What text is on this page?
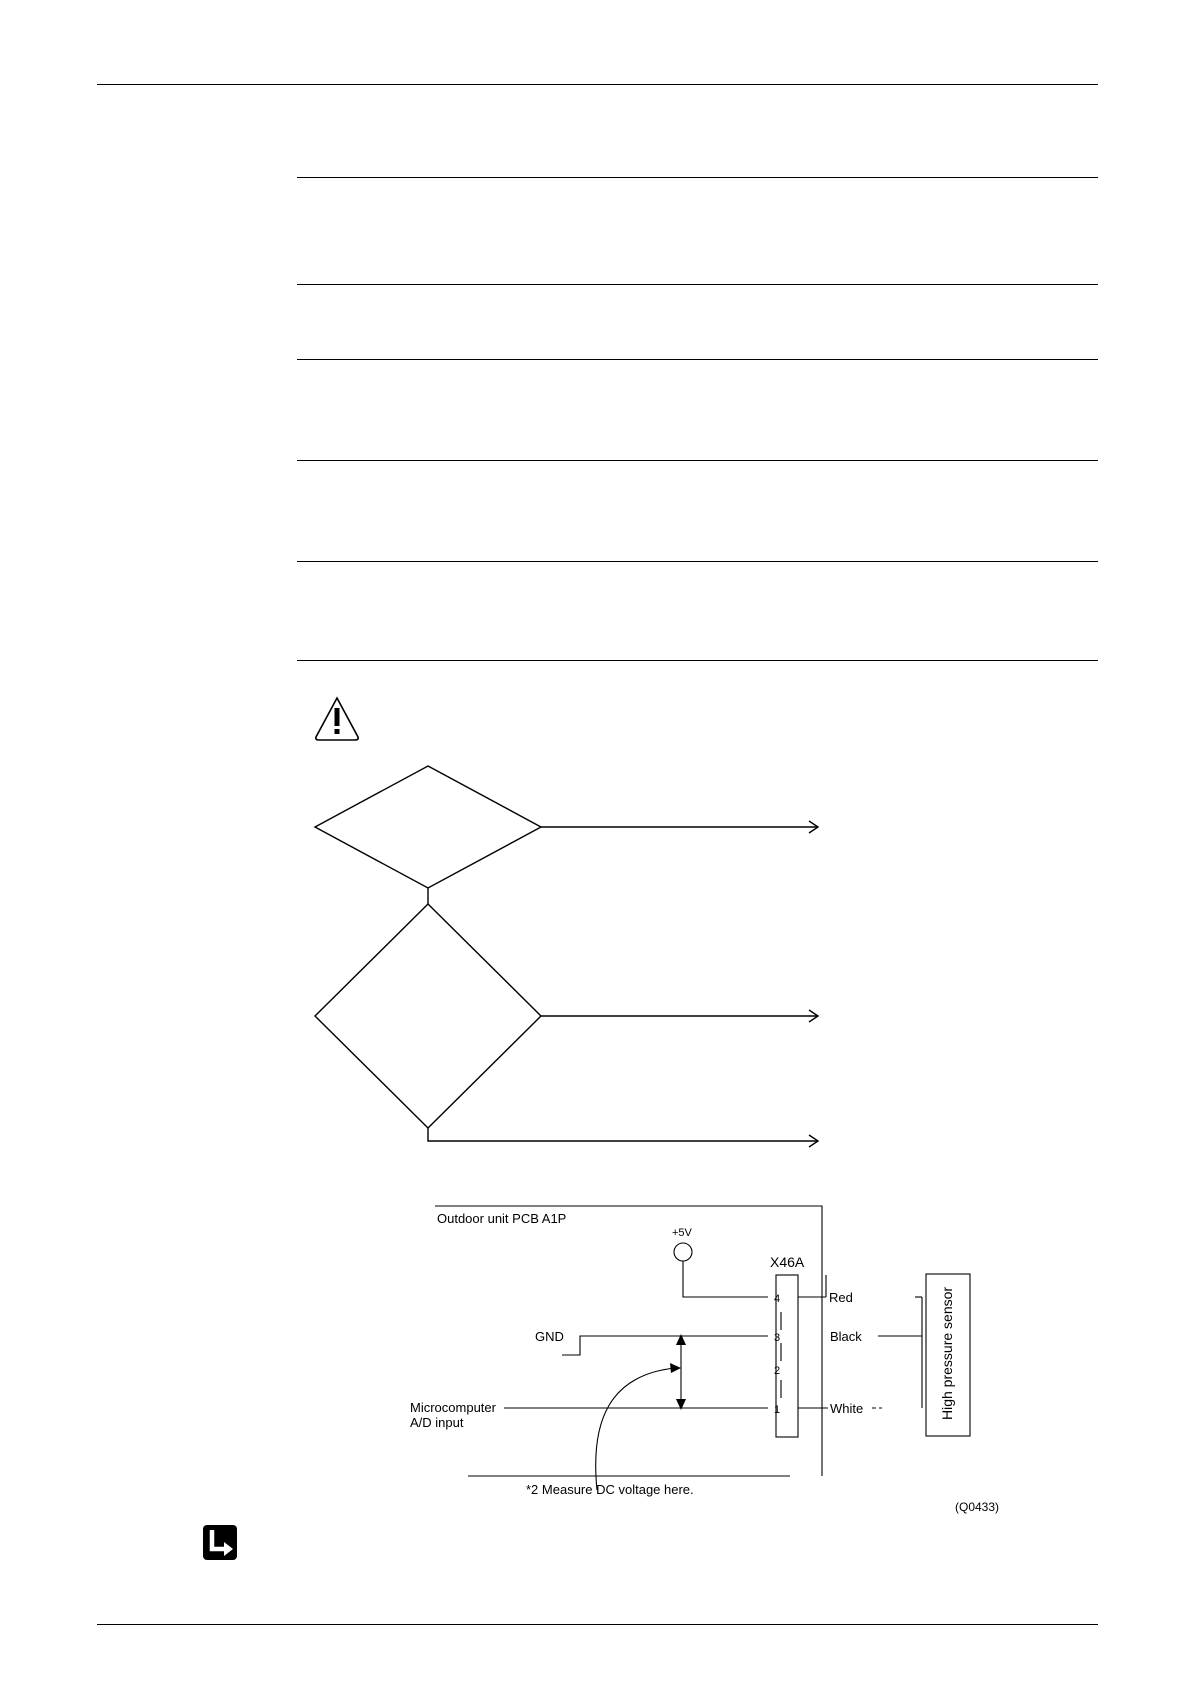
Outdoor unit PCB A1P
+5V
X46A
4
3
2
1
Red
Black
White
GND
Microcomputer
A/D input
High pressure sensor
*2 Measure DC voltage here.
(Q0433)
